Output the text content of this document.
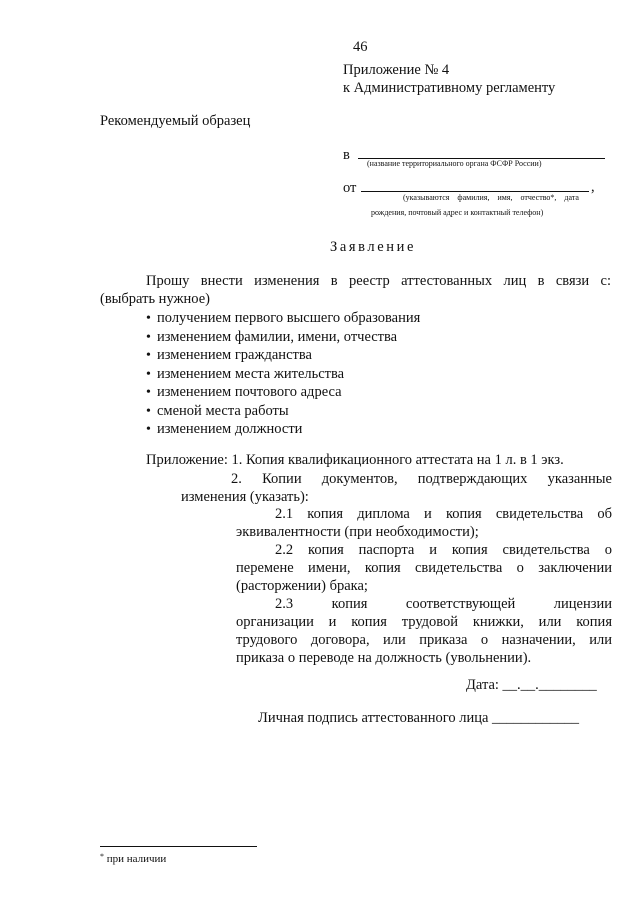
46
Приложение № 4
к Административному регламенту
Рекомендуемый образец
в
(название территориального органа ФСФР России)
от	,
(указываются фамилия, имя, отчество*, дата
рождения, почтовый адрес и контактный телефон)
Заявление
Прошу внести изменения в реестр аттестованных лиц в связи с:
(выбрать нужное)
• получением первого высшего образования
• изменением фамилии, имени, отчества
• изменением гражданства
• изменением места жительства
• изменением почтового адреса
• сменой места работы
• изменением должности
Приложение: 1. Копия квалификационного аттестата на 1 л. в 1 экз.
2. Копии документов, подтверждающих указанные
изменения (указать):
2.1 копия диплома и копия свидетельства об
эквивалентности (при необходимости);
2.2 копия паспорта и копия свидетельства о
перемене имени, копия свидетельства о заключении
(расторжении) брака;
2.3 копия соответствующей лицензии
организации и копия трудовой книжки, или копия
трудового договора, или приказа о назначении, или
приказа о переводе на должность (увольнении).
Дата: __.__.________
Личная подпись аттестованного лица ____________
* при наличии
